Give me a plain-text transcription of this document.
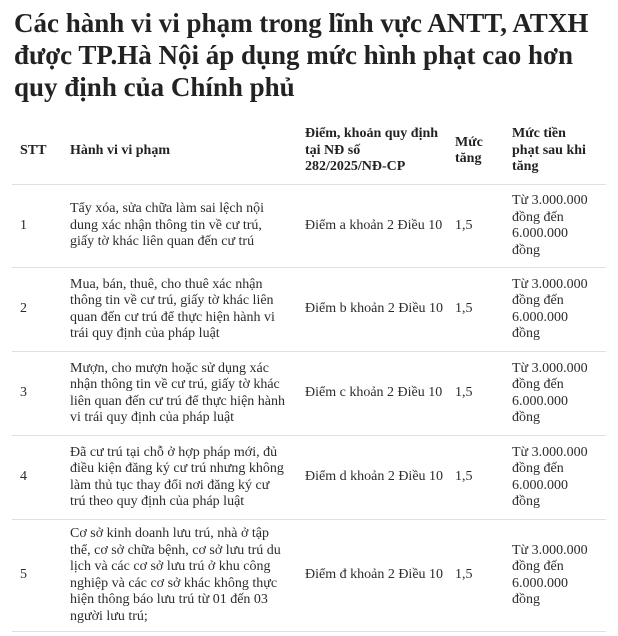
Các hành vi vi phạm trong lĩnh vực ANTT, ATXH được TP.Hà Nội áp dụng mức hình phạt cao hơn quy định của Chính phủ
STT	Hành vi vi phạm
Điểm, khoản quy định tại NĐ số 282/2025/NĐ-CP
Mức tăng
Mức tiền phạt sau khi tăng
1
Tẩy xóa, sửa chữa làm sai lệch nội dung xác nhận thông tin về cư trú, giấy tờ khác liên quan đến cư trú
Điểm a khoản 2 Điều 10 1,5
Từ 3.000.000 đồng đến 6.000.000 đồng
2
Mua, bán, thuê, cho thuê xác nhận thông tin về cư trú, giấy tờ khác liên quan đến cư trú để thực hiện hành vi trái quy định của pháp luật
Điểm b khoản 2 Điều 10 1,5
Từ 3.000.000 đồng đến 6.000.000 đồng
3
Mượn, cho mượn hoặc sử dụng xác nhận thông tin về cư trú, giấy tờ khác liên quan đến cư trú để thực hiện hành vi trái quy định của pháp luật
Điểm c khoản 2 Điều 10 1,5
Từ 3.000.000 đồng đến 6.000.000 đồng
4
Đã cư trú tại chỗ ở hợp pháp mới, đủ điều kiện đăng ký cư trú nhưng không làm thủ tục thay đổi nơi đăng ký cư trú theo quy định của pháp luật
Điểm d khoản 2 Điều 10 1,5
Từ 3.000.000 đồng đến 6.000.000 đồng
5
Cơ sở kinh doanh lưu trú, nhà ở tập thể, cơ sở chữa bệnh, cơ sở lưu trú du lịch và các cơ sở lưu trú ở khu công nghiệp và các cơ sở khác không thực hiện thông báo lưu trú từ 01 đến 03 người lưu trú;
Điểm đ khoản 2 Điều 10 1,5
Từ 3.000.000 đồng đến 6.000.000 đồng
